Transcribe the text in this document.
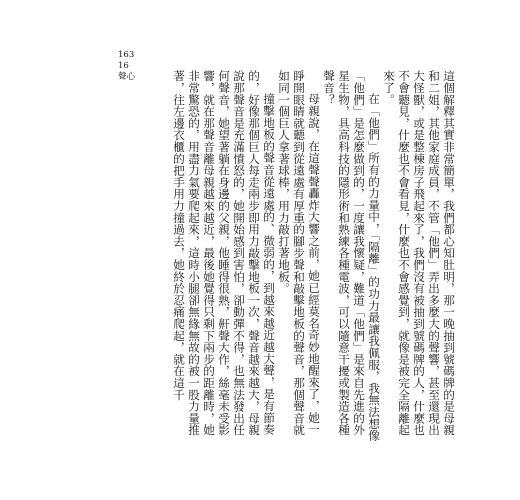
163
16
聲心	這個解釋其實非常簡單，我們都心知肚明，那一晚抽到號碼牌的是母親和二姐，其他家庭成員，不管「他們」弄出多麼大的聲響，甚至還現出大怪獸，或是整棟房子飛起來了，我們沒有被抽到號碼牌的人，什麼也不會聽見，什麼也不會看見，什麼也不會感覺到，就像是被完全隔離起來了。

在「他們」所有的力量中，「隔離」的功力最讓我佩服，我無法想像「他們」是怎麼做到的，一度讓我懷疑，難道「他們」是來自先進的外星生物，具高科技的隱形術和熟練各種電波，可以隨意干擾或製造各種聲音？

母親說，在這聲聲轟炸大響之前，她已經莫名奇妙地醒來了，她一睜開眼睛就聽到從遠處有厚重的腳步聲和敲擊地板的聲音，那個聲音就如同一個巨人拿著球棒，用力敲打著地板。

撞擊地板的聲音從遠處的、微弱的，到越來越近越大聲，是有節奏的，好像那個巨人每走兩步即用力敲擊地板一次，聲音越來越大，母親說那聲音是充滿憤怒的，她開始感到害怕，卻動彈不得，也無法發出任何聲音，她望著躺在身邊的父親，他睡得很熟，鼾聲大作，絲毫未受影響，就在那聲音離母親越來越近，最後她覺得只剩下兩步的距離時，她非常驚恐的，用盡力氣要爬起來，這時小腿卻無緣無故的被一股力量推著，往左邊衣櫃的把手用力撞過去，她終於忍痛爬起，就在這千
